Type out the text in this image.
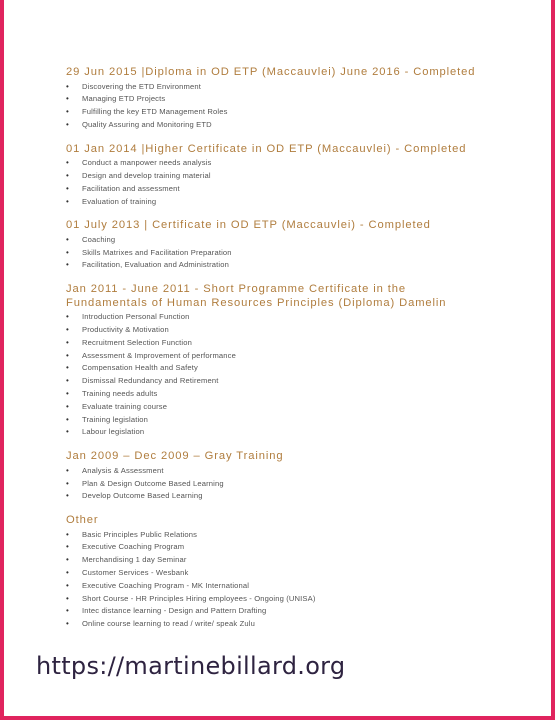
29 Jun 2015 |Diploma in OD ETP (Maccauvlei) June 2016 - Completed
• Discovering the ETD Environment
• Managing ETD Projects
• Fulfilling the key ETD Management Roles
• Quality Assuring and Monitoring ETD
01 Jan 2014 |Higher Certificate in OD ETP (Maccauvlei) - Completed
• Conduct a manpower needs analysis
• Design and develop training material
• Facilitation and assessment
• Evaluation of training
01 July 2013 | Certificate in OD ETP (Maccauvlei) - Completed
• Coaching
• Skills Matrixes and Facilitation Preparation
• Facilitation, Evaluation and Administration
Jan 2011 - June 2011 - Short Programme Certificate in the Fundamentals of Human Resources Principles (Diploma) Damelin
• Introduction Personal Function
• Productivity & Motivation
• Recruitment Selection Function
• Assessment & Improvement of performance
• Compensation Health and Safety
• Dismissal Redundancy and Retirement
• Training needs adults
• Evaluate training course
• Training legislation
• Labour legislation
Jan 2009 – Dec 2009 – Gray Training
• Analysis & Assessment
• Plan & Design Outcome Based Learning
• Develop Outcome Based Learning
Other
• Basic Principles Public Relations
• Executive Coaching Program
• Merchandising 1 day Seminar
• Customer Services - Wesbank
• Executive Coaching Program - MK International
• Short Course - HR Principles Hiring employees - Ongoing (UNISA)
• Intec distance learning - Design and Pattern Drafting
• Online course learning to read / write/ speak Zulu
https://martinebillard.org
